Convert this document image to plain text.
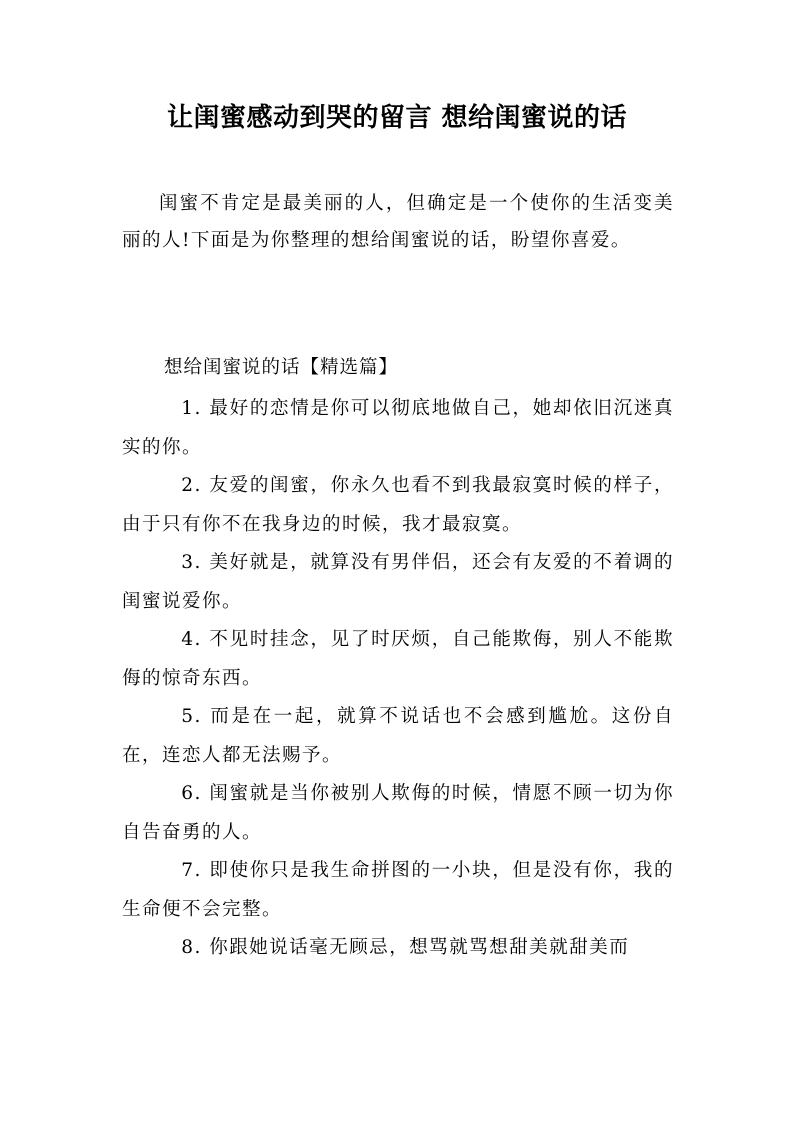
让闺蜜感动到哭的留言 想给闺蜜说的话

闺蜜不肯定是最美丽的人，但确定是一个使你的生活变美丽的人!下面是为你整理的想给闺蜜说的话，盼望你喜爱。

想给闺蜜说的话【精选篇】

1. 最好的恋情是你可以彻底地做自己，她却依旧沉迷真实的你。

2. 友爱的闺蜜，你永久也看不到我最寂寞时候的样子，由于只有你不在我身边的时候，我才最寂寞。

3. 美好就是，就算没有男伴侣，还会有友爱的不着调的闺蜜说爱你。

4. 不见时挂念，见了时厌烦，自己能欺侮，别人不能欺侮的惊奇东西。

5. 而是在一起，就算不说话也不会感到尴尬。这份自在，连恋人都无法赐予。

6. 闺蜜就是当你被别人欺侮的时候，情愿不顾一切为你自告奋勇的人。

7. 即使你只是我生命拼图的一小块，但是没有你，我的生命便不会完整。

8. 你跟她说话毫无顾忌，想骂就骂想甜美就甜美而
